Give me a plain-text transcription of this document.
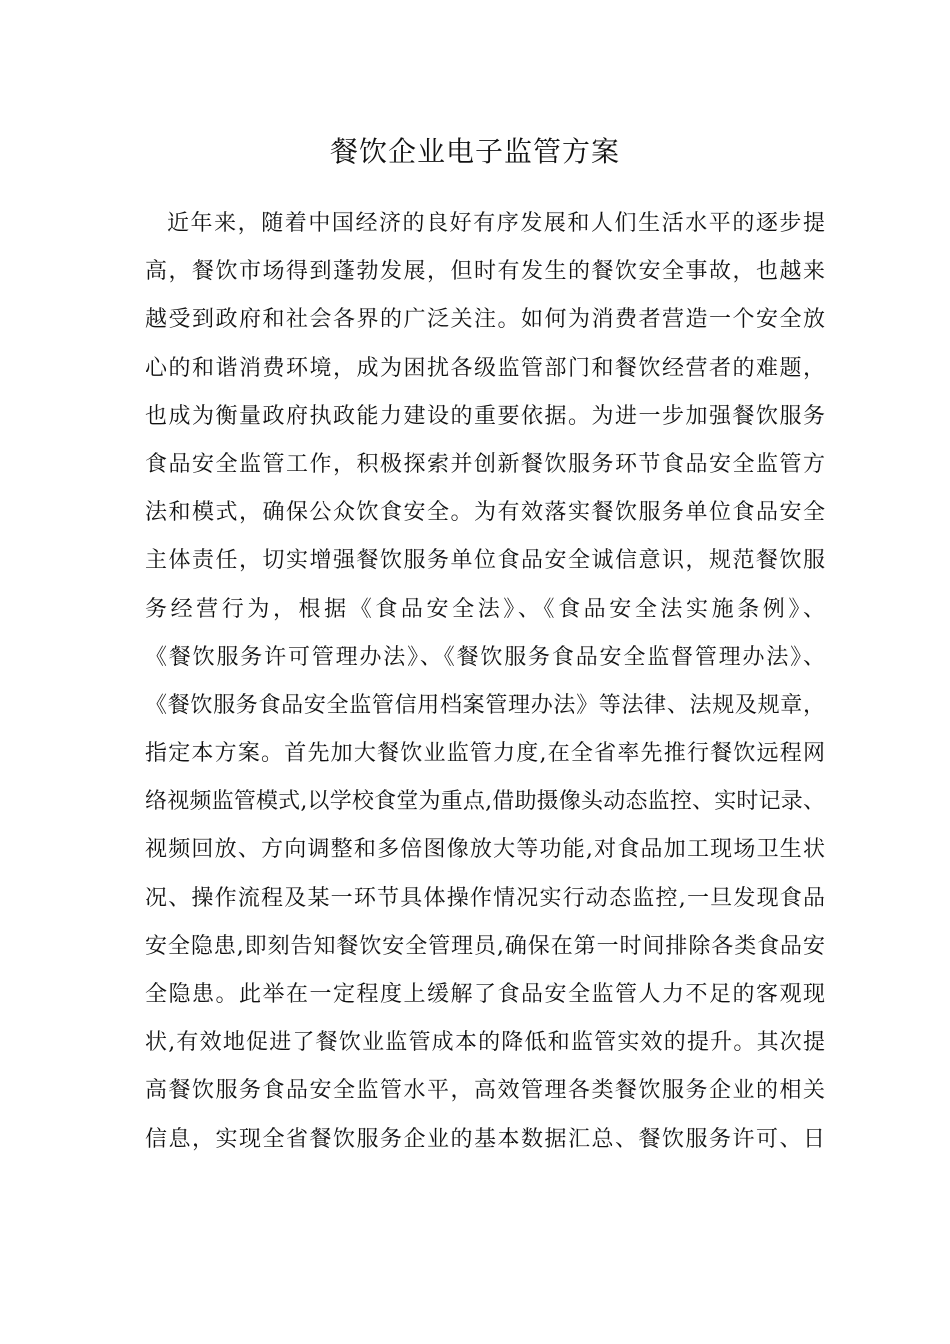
餐饮企业电子监管方案
近年来，随着中国经济的良好有序发展和人们生活水平的逐步提
高，餐饮市场得到蓬勃发展，但时有发生的餐饮安全事故，也越来
越受到政府和社会各界的广泛关注。如何为消费者营造一个安全放
心的和谐消费环境，成为困扰各级监管部门和餐饮经营者的难题，
也成为衡量政府执政能力建设的重要依据。为进一步加强餐饮服务
食品安全监管工作，积极探索并创新餐饮服务环节食品安全监管方
法和模式，确保公众饮食安全。为有效落实餐饮服务单位食品安全
主体责任，切实增强餐饮服务单位食品安全诚信意识，规范餐饮服
务经营行为，根据《食品安全法》、《食品安全法实施条例》、
《餐饮服务许可管理办法》、《餐饮服务食品安全监督管理办法》、
《餐饮服务食品安全监管信用档案管理办法》等法律、法规及规章，
指定本方案。首先加大餐饮业监管力度,在全省率先推行餐饮远程网
络视频监管模式,以学校食堂为重点,借助摄像头动态监控、实时记录、
视频回放、方向调整和多倍图像放大等功能,对食品加工现场卫生状
况、操作流程及某一环节具体操作情况实行动态监控,一旦发现食品
安全隐患,即刻告知餐饮安全管理员,确保在第一时间排除各类食品安
全隐患。此举在一定程度上缓解了食品安全监管人力不足的客观现
状,有效地促进了餐饮业监管成本的降低和监管实效的提升。其次提
高餐饮服务食品安全监管水平，高效管理各类餐饮服务企业的相关
信息，实现全省餐饮服务企业的基本数据汇总、餐饮服务许可、日
